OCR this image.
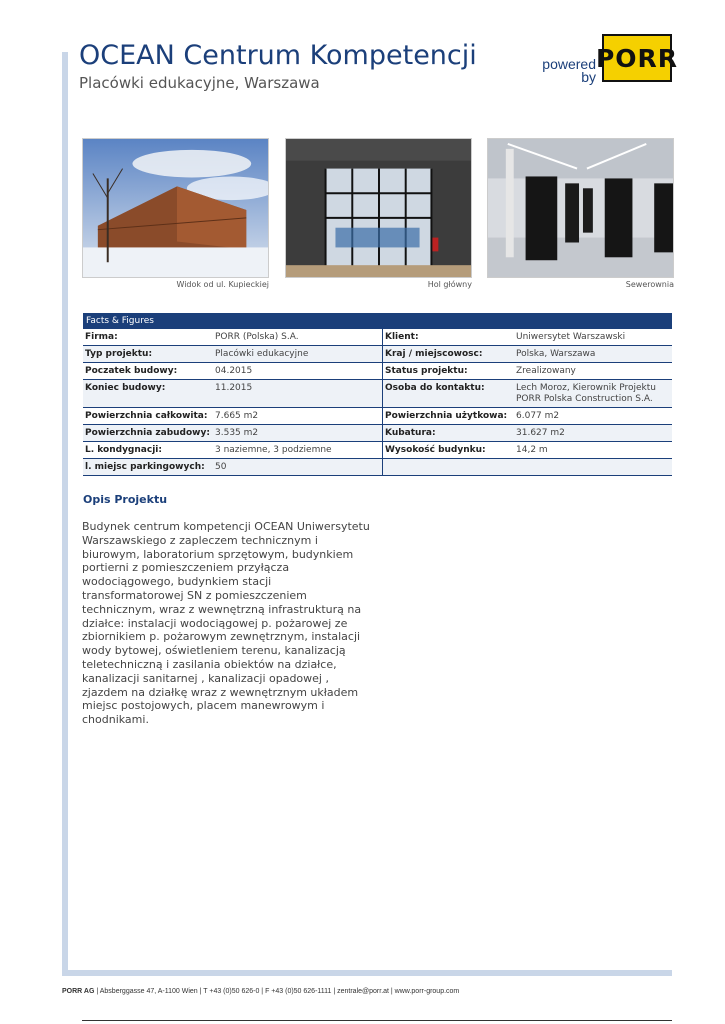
OCEAN Centrum Kompetencji
Placówki edukacyjne, Warszawa
powered
by
PORR
Widok od ul. Kupieckiej	Hol główny	Sewerownia
Facts & Figures
Firma:	PORR (Polska) S.A.	Klient:	Uniwersytet Warszawski
Typ projektu:	Placówki edukacyjne	Kraj / miejscowosc:	Polska, Warszawa
Poczatek budowy:	04.2015	Status projektu:	Zrealizowany
Koniec budowy:	11.2015	Osoba do kontaktu:	Lech Moroz, Kierownik Projektu PORR Polska Construction S.A.
Powierzchnia całkowita: 7.665 m2	Powierzchnia użytkowa: 6.077 m2
Powierzchnia zabudowy: 3.535 m2	Kubatura:	31.627 m2
L. kondygnacji:	3 naziemne, 3 podziemne	Wysokość budynku:	14,2 m
l. miejsc parkingowych:	50
Opis Projektu

Budynek centrum kompetencji OCEAN Uniwersytetu Warszawskiego z zapleczem technicznym i biurowym, laboratorium sprzętowym, budynkiem portierni z pomieszczeniem przyłącza wodociągowego, budynkiem stacji transformatorowej SN z pomieszczeniem technicznym, wraz z wewnętrzną infrastrukturą na działce: instalacji wodociągowej p. pożarowej ze zbiornikiem p. pożarowym zewnętrznym, instalacji wody bytowej, oświetleniem terenu, kanalizacją teletechniczną i zasilania obiektów na działce, kanalizacji sanitarnej , kanalizacji opadowej , zjazdem na działkę wraz z wewnętrznym układem miejsc postojowych, placem manewrowym i chodnikami.

PORR AG | Absberggasse 47, A-1100 Wien | T +43 (0)50 626-0 | F +43 (0)50 626-1111 | zentrale@porr.at | www.porr-group.com
